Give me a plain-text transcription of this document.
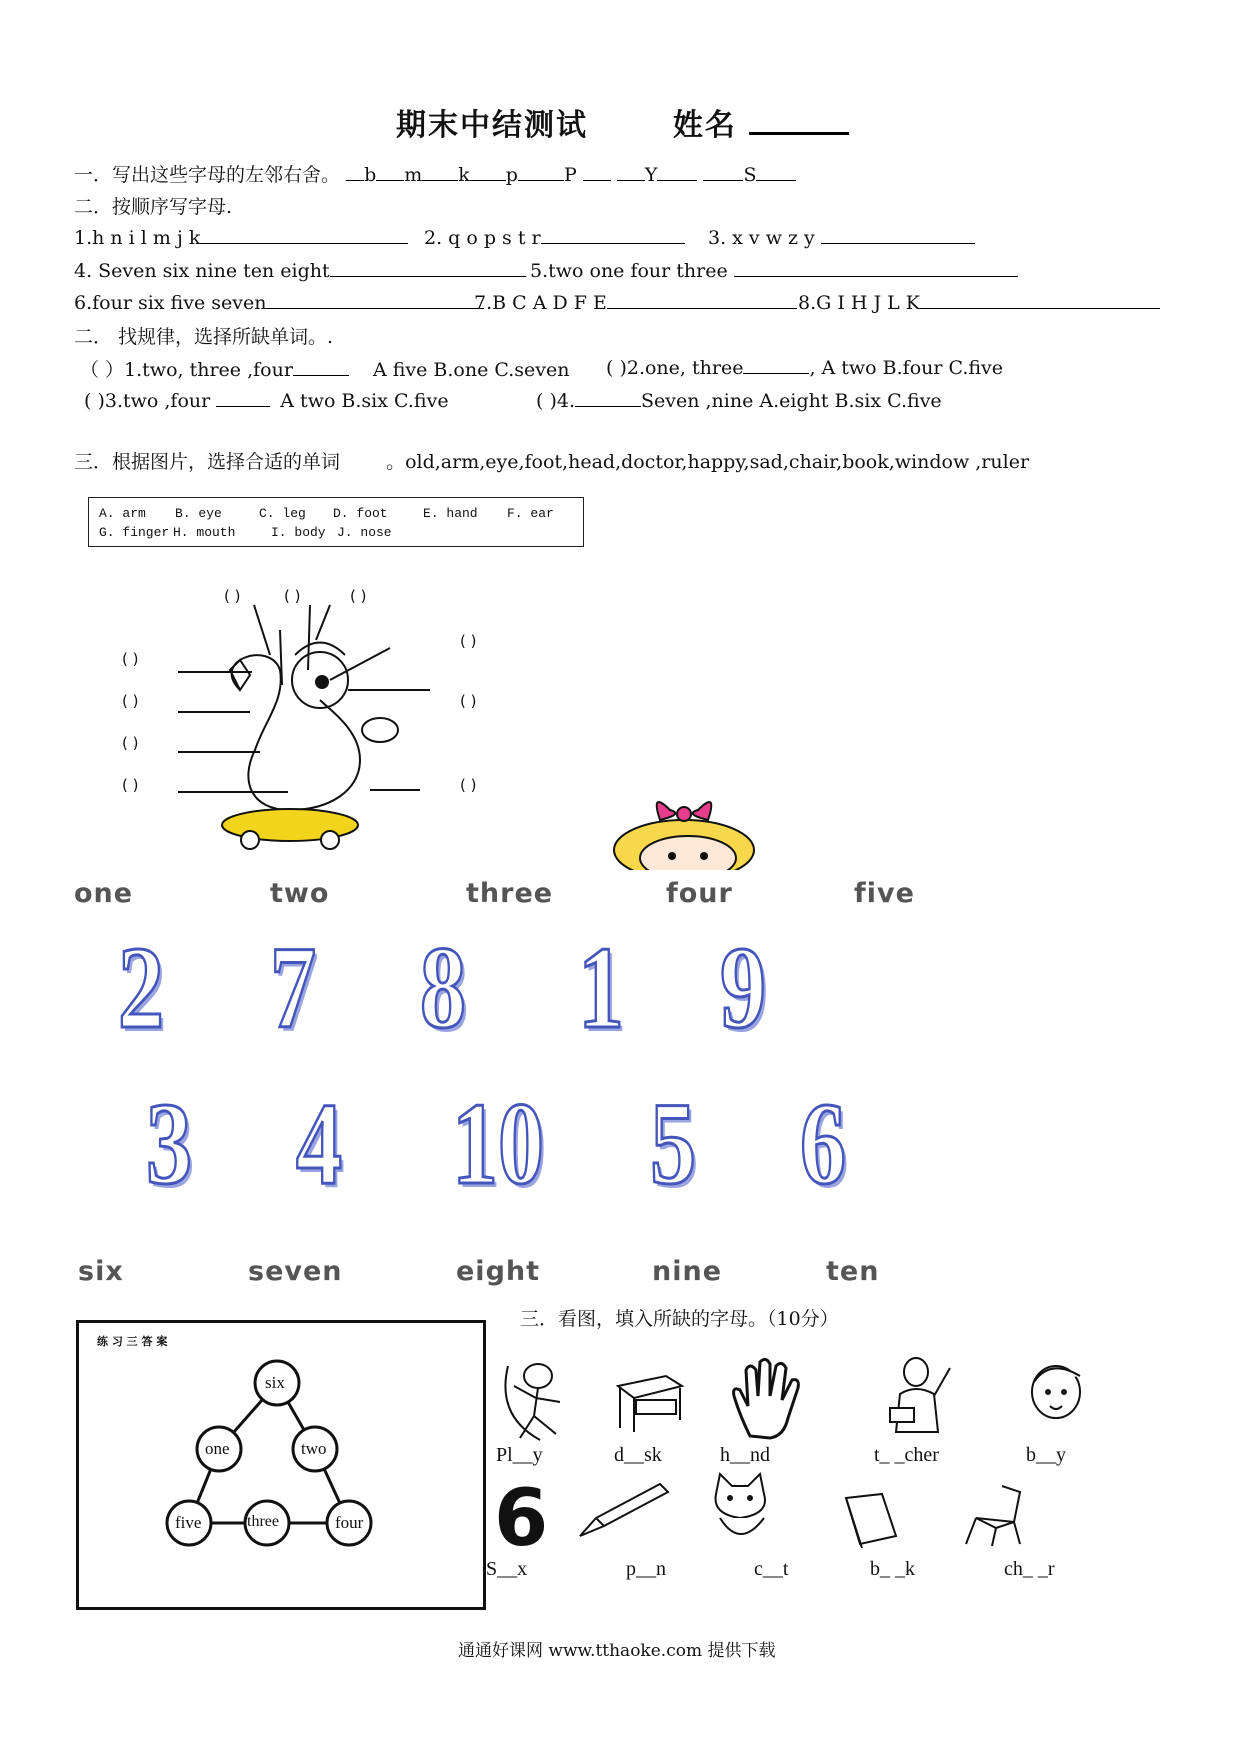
期末中结测试	姓名
一．写出这些字母的左邻右舍。 b m k p P	Y	S
二．按顺序写字母.
1.h n i l m j k	2. q o p s t r	3. x v w z y
4. Seven six nine ten eight	5.two one four three
6.four six five seven	7.B C A D F E	8.G I H J L K
二． 找规律，选择所缺单词。.
（ ）1.two, three ,four	A five B.one C.seven ( )2.one, three	, A two B.four C.five
( )3.two ,four	A two B.six C.five	( )4.	Seven ,nine A.eight B.six C.five
三．根据图片，选择合适的单词 。old,arm,eye,foot,head,doctor,happy,sad,chair,book,window ,ruler
A. arm B. eye	C. leg D. foot	E. hand F. ear
G. finger H. mouth	I. body J. nose
( )	( )	( )
( )
( )
( )
( )
( )
( )
( )
one	two	three	four	five
2 7 8 1 9
3 4 10 5 6
six	seven	eight	nine	ten
三．看图，填入所缺的字母。（10分）
练 习 三 答 案
six
one	two
five	three	four
Pl__y	d__sk	h__nd	t_ _cher	b__y
6
S__x	p__n	c__t	b_ _k	ch_ _r
通通好课网 www.tthaoke.com 提供下载
